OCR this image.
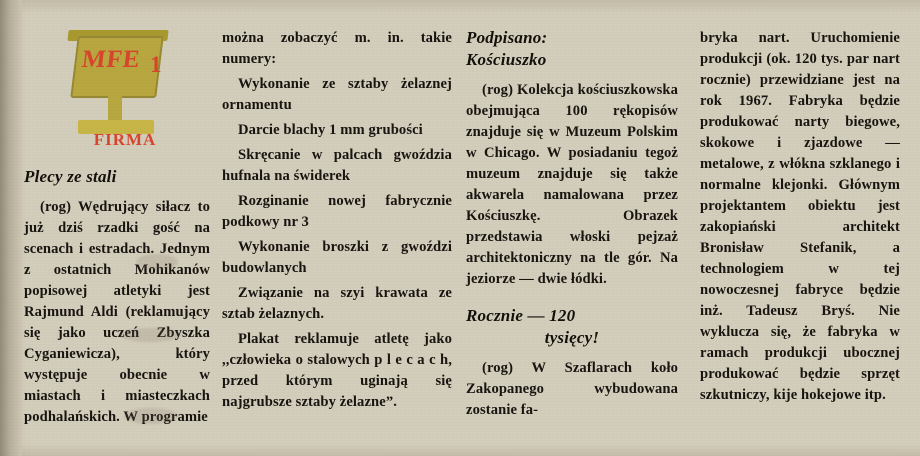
MFE 1
FIRMA
Plecy ze stali

(rog) Wędrujący siłacz to już dziś rzadki gość na scenach i estradach. Jednym z ostatnich Mohikanów popisowej atletyki jest Rajmund Aldi (reklamujący się jako uczeń Zbyszka Cyganiewicza), który występuje obecnie w miastach i miasteczkach podhalańskich. W programie

można zobaczyć m. in. takie numery:

Wykonanie ze sztaby żelaznej ornamentu

Darcie blachy 1 mm grubości

Skręcanie w palcach gwoździa hufnala na świderek

Rozginanie nowej fabrycznie podkowy nr 3

Wykonanie broszki z gwoździ budowlanych

Związanie na szyi krawata ze sztab żelaznych.

Plakat reklamuje atletę jako ,,człowieka o stalowych p l e c a c h, przed którym uginają się najgrubsze sztaby żelazne”.

Podpisano:
Kościuszko

(rog) Kolekcja kościuszkowska obejmująca 100 rękopisów znajduje się w Muzeum Polskim w Chicago. W posiadaniu tegoż muzeum znajduje się także akwarela namalowana przez Kościuszkę. Obrazek przedstawia włoski pejzaż architektoniczny na tle gór. Na jeziorze — dwie łódki.

Rocznie — 120
tysięcy!

(rog) W Szaflarach koło Zakopanego wybudowana zostanie fa-

bryka nart. Uruchomienie produkcji (ok. 120 tys. par nart rocznie) przewidziane jest na rok 1967. Fabryka będzie produkować narty biegowe, skokowe i zjazdowe — metalowe, z włókna szklanego i normalne klejonki. Głównym projektantem obiektu jest zakopiański architekt Bronisław Stefanik, a technologiem w tej nowoczesnej fabryce będzie inż. Tadeusz Bryś. Nie wyklucza się, że fabryka w ramach produkcji ubocznej produkować będzie sprzęt szkutniczy, kije hokejowe itp.
